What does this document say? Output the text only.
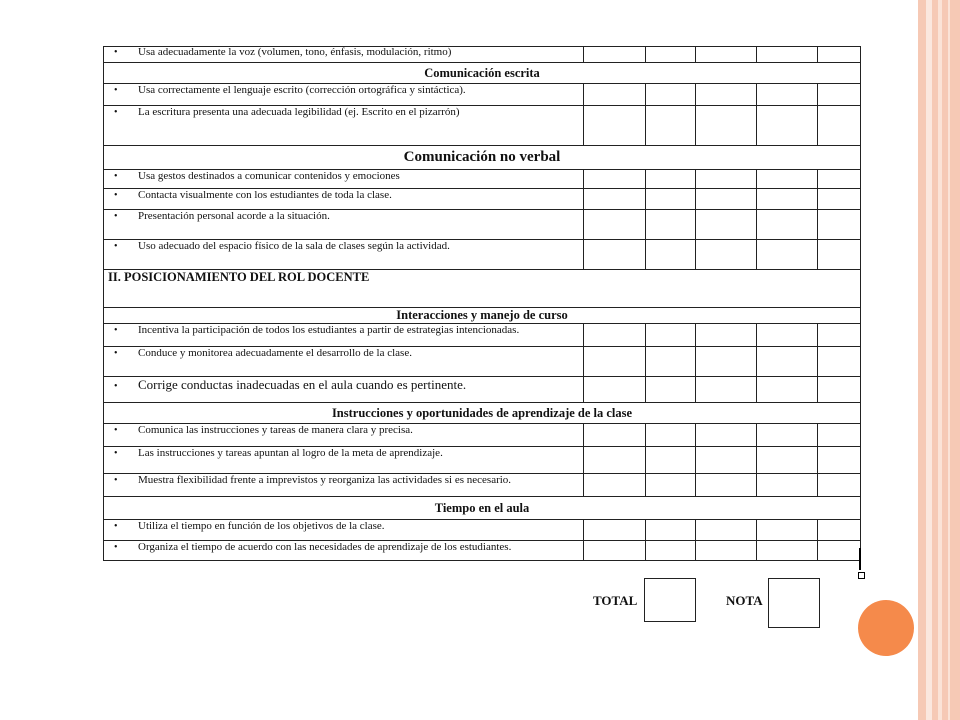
• Usa adecuadamente la voz (volumen, tono, énfasis, modulación, ritmo)					
Comunicación escrita					
• Usa correctamente el lenguaje escrito (corrección ortográfica y sintáctica).					
• La escritura presenta una adecuada legibilidad (ej. Escrito en el pizarrón)					
Comunicación no verbal					
• Usa gestos destinados a comunicar contenidos y emociones					
• Contacta visualmente con los estudiantes de toda la clase.					
• Presentación personal acorde a la situación.					
• Uso adecuado del espacio físico de la sala de clases según la actividad.					
II. POSICIONAMIENTO DEL ROL DOCENTE					
Interacciones y manejo de curso					
• Incentiva la participación de todos los estudiantes a partir de estrategias intencionadas.					
• Conduce y monitorea adecuadamente el desarrollo de la clase.					
• Corrige conductas inadecuadas en el aula cuando es pertinente.					
Instrucciones y oportunidades de aprendizaje de la clase					
• Comunica las instrucciones y tareas de manera clara y precisa.					
• Las instrucciones y tareas apuntan al logro de la meta de aprendizaje.					
• Muestra flexibilidad frente a imprevistos y reorganiza las actividades si es necesario.					
Tiempo en el aula					
• Utiliza el tiempo en función de los objetivos de la clase.					
• Organiza el tiempo de acuerdo con las necesidades de aprendizaje de los estudiantes.					
TOTAL	NOTA
